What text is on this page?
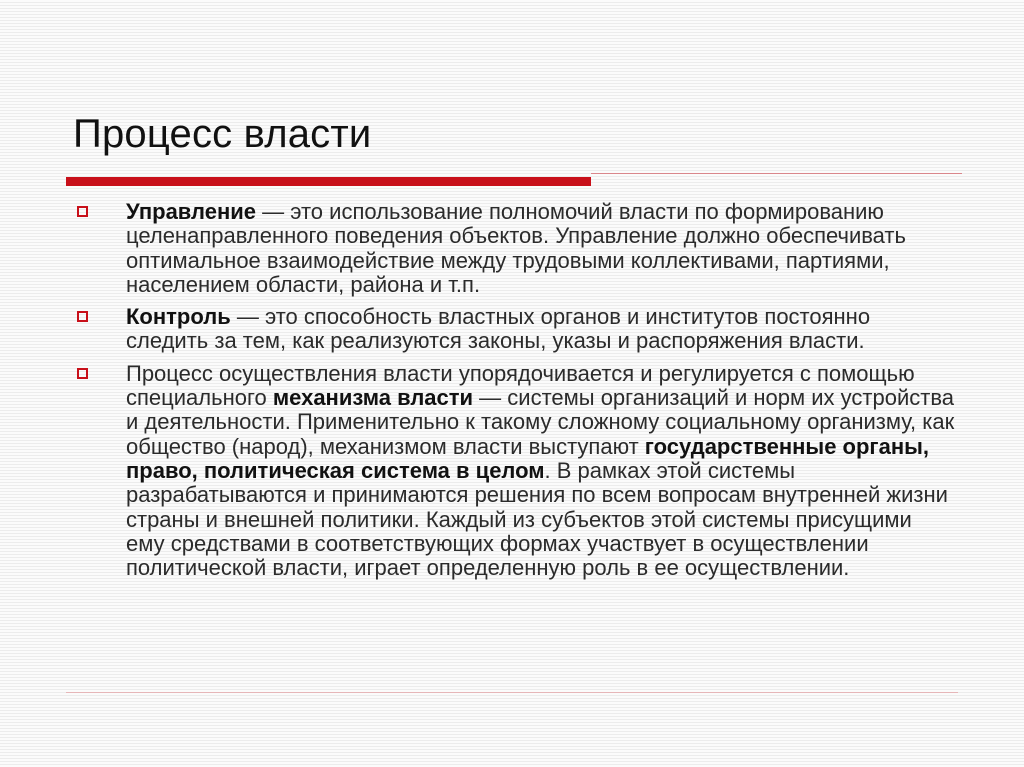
Процесс власти
Управление — это использование полномочий власти по формированию целенаправленного поведения объектов. Управление должно обеспечивать оптимальное взаимодействие между трудовыми коллективами, партиями, населением области, района и т.п.
Контроль — это способность властных органов и институтов постоянно следить за тем, как реализуются законы, указы и распоряжения власти.
Процесс осуществления власти упорядочивается и регулируется с помощью специального механизма власти — системы организаций и норм их устройства и деятельности. Применительно к такому сложному социальному организму, как общество (народ), механизмом власти выступают государственные органы, право, политическая система в целом. В рамках этой системы разрабатываются и принимаются решения по всем вопросам внутренней жизни страны и внешней политики. Каждый из субъектов этой системы присущими ему средствами в соответствующих формах участвует в осуществлении политической власти, играет определенную роль в ее осуществлении.
